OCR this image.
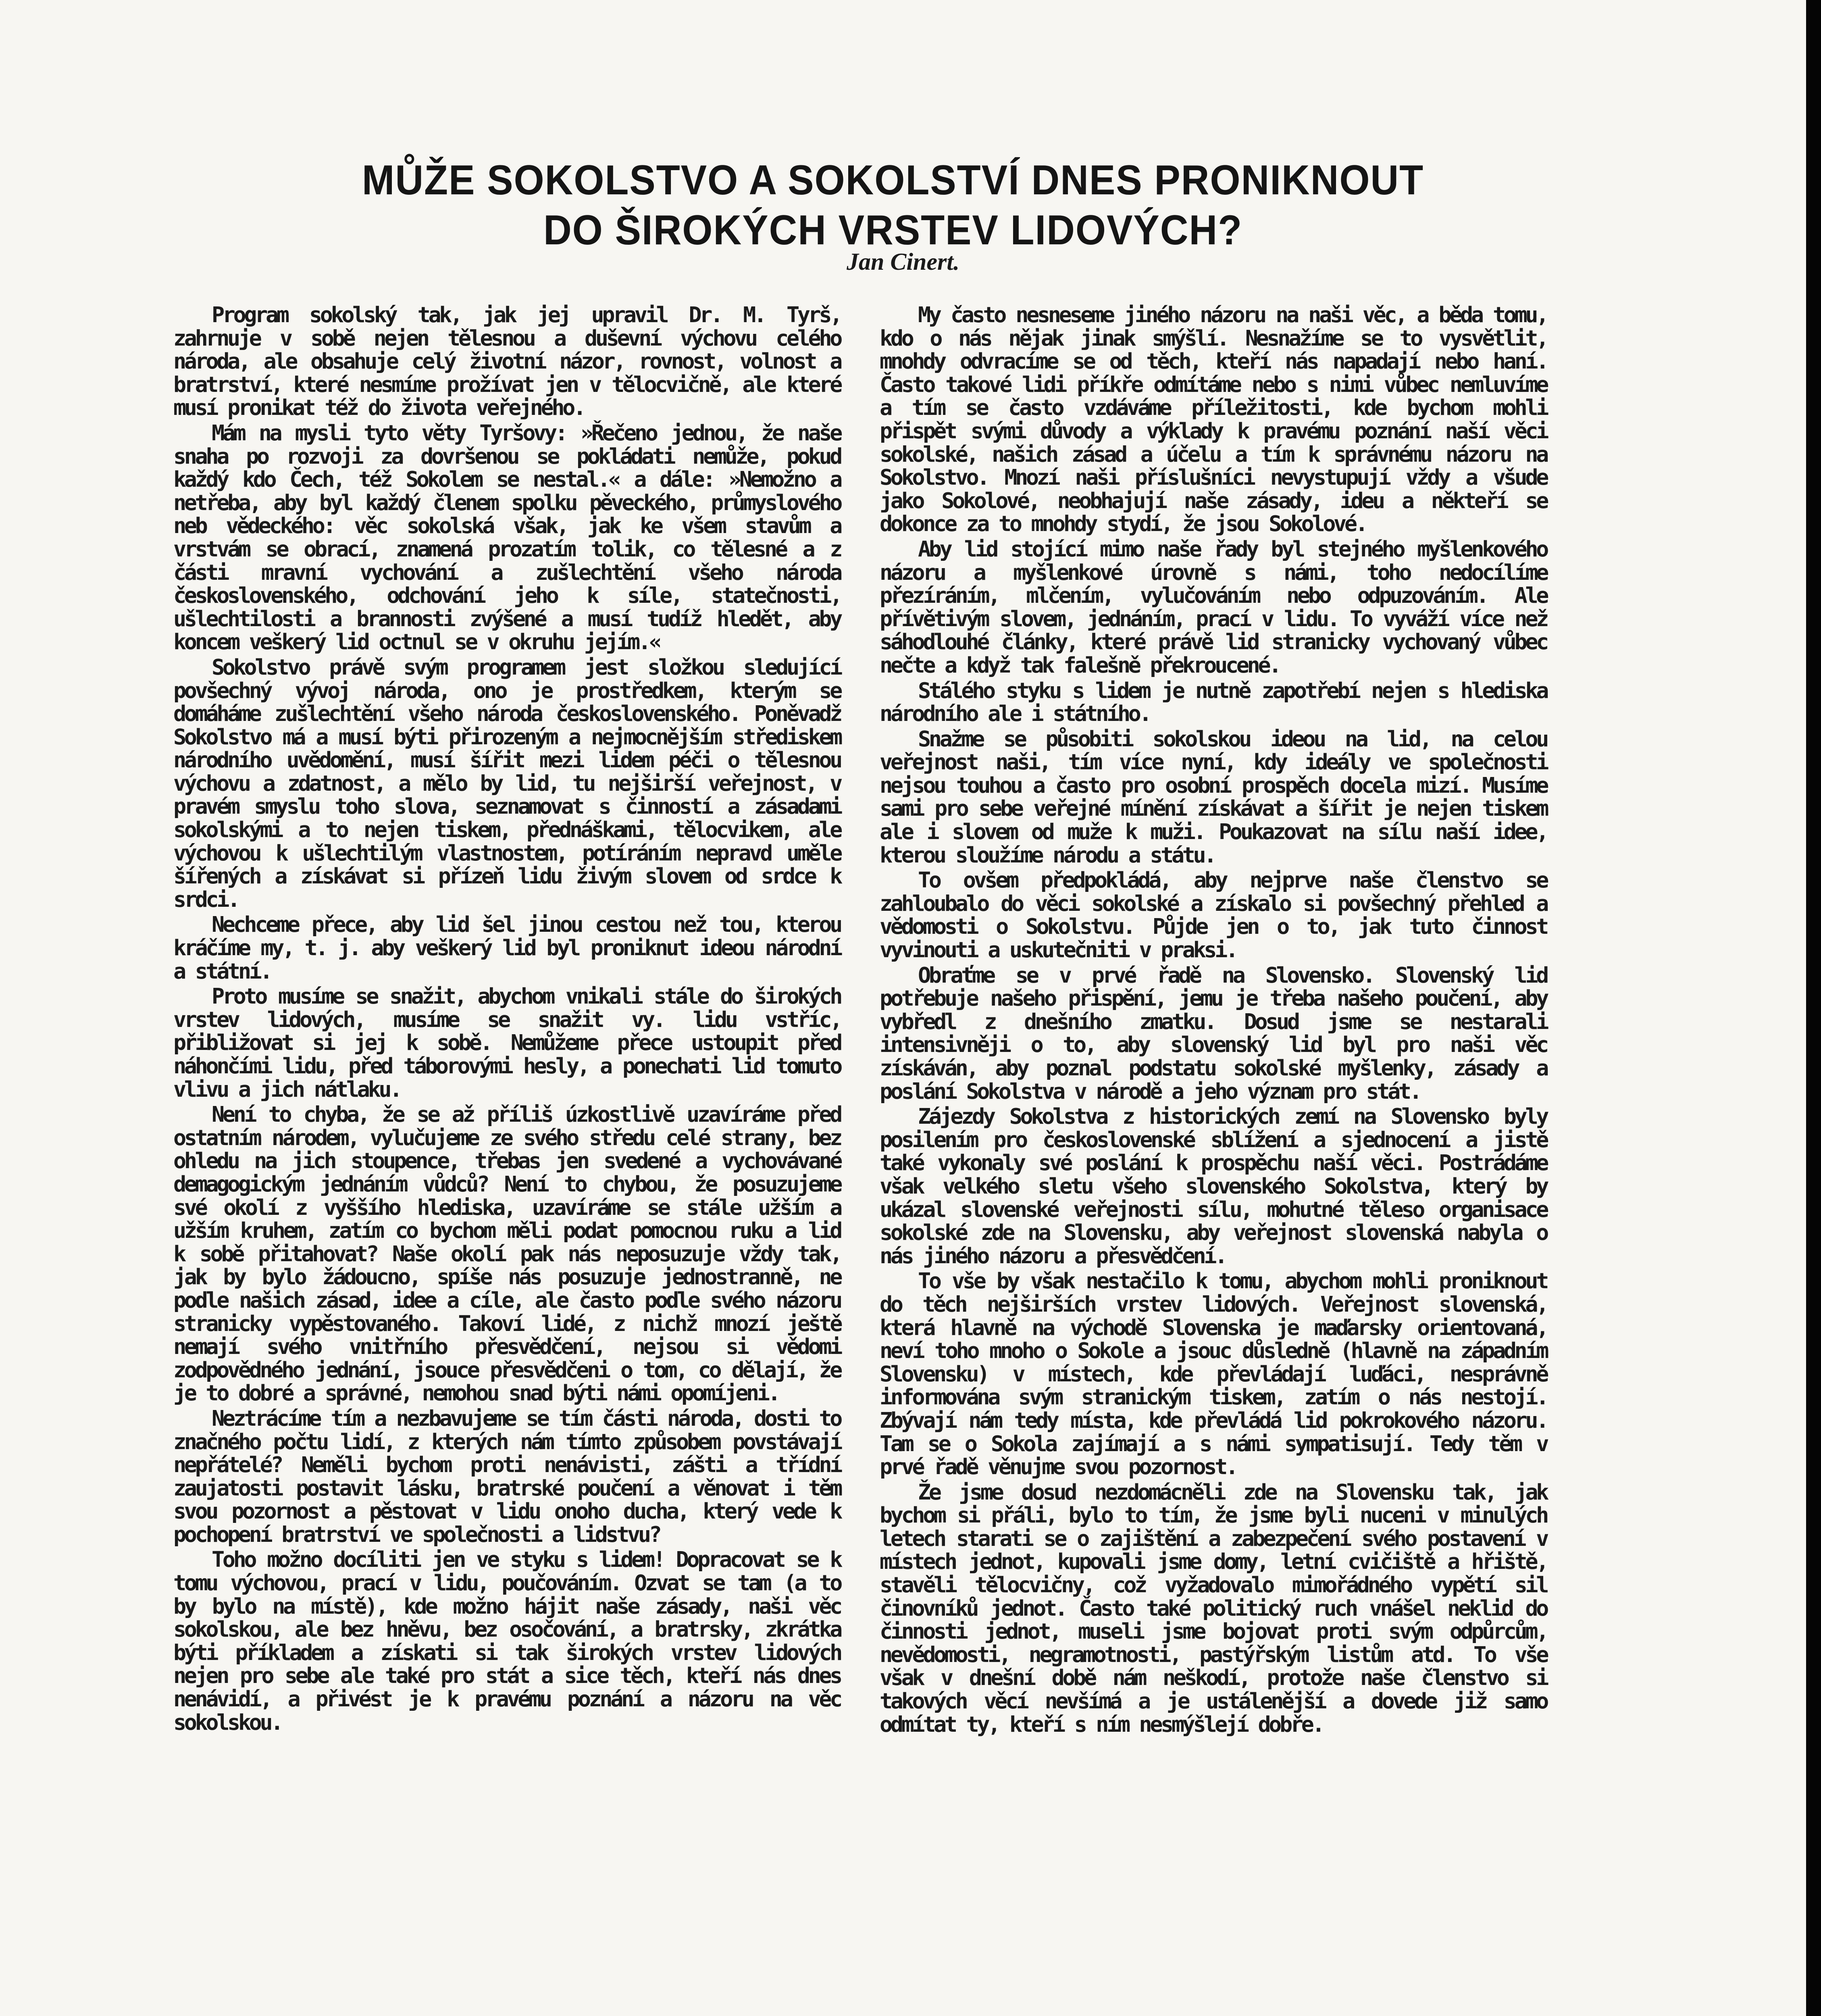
MŮŽE SOKOLSTVO A SOKOLSTVÍ DNES PRONIKNOUT
DO ŠIROKÝCH VRSTEV LIDOVÝCH?

Jan Cinert.

Program sokolský tak, jak jej upravil Dr. M. Tyrš, zahrnuje v sobě nejen tělesnou a duševní výchovu celého národa, ale obsahuje celý životní názor, rovnost, volnost a bratrství, které nesmíme prožívat jen v tělocvičně, ale které musí pronikat též do života veřejného.

Mám na mysli tyto věty Tyršovy: »Řečeno jednou, že naše snaha po rozvoji za dovršenou se pokládati nemůže, pokud každý kdo Čech, též Sokolem se nestal.« a dále: »Nemožno a netřeba, aby byl každý členem spolku pěveckého, průmyslového neb vědeckého: věc sokolská však, jak ke všem stavům a vrstvám se obrací, znamená prozatím tolik, co tělesné a z části mravní vychování a zušlechtění všeho národa československého, odchování jeho k síle, statečnosti, ušlechtilosti a brannosti zvýšené a musí tudíž hledět, aby koncem veškerý lid octnul se v okruhu jejím.«

Sokolstvo právě svým programem jest složkou sledující povšechný vývoj národa, ono je prostředkem, kterým se domáháme zušlechtění všeho národa československého. Poněvadž Sokolstvo má a musí býti přirozeným a nejmocnějším střediskem národního uvědomění, musí šířit mezi lidem péči o tělesnou výchovu a zdatnost, a mělo by lid, tu nejširší veřejnost, v pravém smyslu toho slova, seznamovat s činností a zásadami sokolskými a to nejen tiskem, přednáškami, tělocvikem, ale výchovou k ušlechtilým vlastnostem, potíráním nepravd uměle šířených a získávat si přízeň lidu živým slovem od srdce k srdci.

Nechceme přece, aby lid šel jinou cestou než tou, kterou kráčíme my, t. j. aby veškerý lid byl proniknut ideou národní a státní.

Proto musíme se snažit, abychom vnikali stále do širokých vrstev lidových, musíme se snažit vy. lidu vstříc, přibližovat si jej k sobě. Nemůžeme přece ustoupit před náhončími lidu, před táborovými hesly, a ponechati lid tomuto vlivu a jich nátlaku.

Není to chyba, že se až příliš úzkostlivě uzavíráme před ostatním národem, vylučujeme ze svého středu celé strany, bez ohledu na jich stoupence, třebas jen svedené a vychovávané demagogickým jednáním vůdců? Není to chybou, že posuzujeme své okolí z vyššího hlediska, uzavíráme se stále užším a užším kruhem, zatím co bychom měli podat pomocnou ruku a lid k sobě přitahovat? Naše okolí pak nás neposuzuje vždy tak, jak by bylo žádoucno, spíše nás posuzuje jednostranně, ne podle našich zásad, idee a cíle, ale často podle svého názoru stranicky vypěstovaného. Takoví lidé, z nichž mnozí ještě nemají svého vnitřního přesvědčení, nejsou si vědomi zodpovědného jednání, jsouce přesvědčeni o tom, co dělají, že je to dobré a správné, nemohou snad býti námi opomíjeni.

Neztrácíme tím a nezbavujeme se tím části národa, dosti to značného počtu lidí, z kterých nám tímto způsobem povstávají nepřátelé? Neměli bychom proti nenávisti, zášti a třídní zaujatosti postavit lásku, bratrské poučení a věnovat i těm svou pozornost a pěstovat v lidu onoho ducha, který vede k pochopení bratrství ve společnosti a lidstvu?

Toho možno docíliti jen ve styku s lidem! Dopracovat se k tomu výchovou, prací v lidu, poučováním. Ozvat se tam (a to by bylo na místě), kde možno hájit naše zásady, naši věc sokolskou, ale bez hněvu, bez osočování, a bratrsky, zkrátka býti příkladem a získati si tak širokých vrstev lidových nejen pro sebe ale také pro stát a sice těch, kteří nás dnes nenávidí, a přivést je k pravému poznání a názoru na věc sokolskou.

My často nesneseme jiného názoru na naši věc, a běda tomu, kdo o nás nějak jinak smýšlí. Nesnažíme se to vysvětlit, mnohdy odvracíme se od těch, kteří nás napadají nebo haní. Často takové lidi příkře odmítáme nebo s nimi vůbec nemluvíme a tím se často vzdáváme příležitosti, kde bychom mohli přispět svými důvody a výklady k pravému poznání naší věci sokolské, našich zásad a účelu a tím k správnému názoru na Sokolstvo. Mnozí naši příslušníci nevystupují vždy a všude jako Sokolové, neobhajují naše zásady, ideu a někteří se dokonce za to mnohdy stydí, že jsou Sokolové.

Aby lid stojící mimo naše řady byl stejného myšlenkového názoru a myšlenkové úrovně s námi, toho nedocílíme přezíráním, mlčením, vylučováním nebo odpuzováním. Ale přívětivým slovem, jednáním, prací v lidu. To vyváží více než sáhodlouhé články, které právě lid stranicky vychovaný vůbec nečte a když tak falešně překroucené.

Stálého styku s lidem je nutně zapotřebí nejen s hlediska národního ale i státního.

Snažme se působiti sokolskou ideou na lid, na celou veřejnost naši, tím více nyní, kdy ideály ve společnosti nejsou touhou a často pro osobní prospěch docela mizí. Musíme sami pro sebe veřejné mínění získávat a šířit je nejen tiskem ale i slovem od muže k muži. Poukazovat na sílu naší idee, kterou sloužíme národu a státu.

To ovšem předpokládá, aby nejprve naše členstvo se zahloubalo do věci sokolské a získalo si povšechný přehled a vědomosti o Sokolstvu. Půjde jen o to, jak tuto činnost vyvinouti a uskutečniti v praksi.

Obraťme se v prvé řadě na Slovensko. Slovenský lid potřebuje našeho přispění, jemu je třeba našeho poučení, aby vybředl z dnešního zmatku. Dosud jsme se nestarali intensivněji o to, aby slovenský lid byl pro naši věc získáván, aby poznal podstatu sokolské myšlenky, zásady a poslání Sokolstva v národě a jeho význam pro stát.

Zájezdy Sokolstva z historických zemí na Slovensko byly posilením pro československé sblížení a sjednocení a jistě také vykonaly své poslání k prospěchu naší věci. Postrádáme však velkého sletu všeho slovenského Sokolstva, který by ukázal slovenské veřejnosti sílu, mohutné těleso organisace sokolské zde na Slovensku, aby veřejnost slovenská nabyla o nás jiného názoru a přesvědčení.

To vše by však nestačilo k tomu, abychom mohli proniknout do těch nejširších vrstev lidových. Veřejnost slovenská, která hlavně na východě Slovenska je maďarsky orientovaná, neví toho mnoho o Sokole a jsouc důsledně (hlavně na západním Slovensku) v místech, kde převládají luďáci, nesprávně informována svým stranickým tiskem, zatím o nás nestojí. Zbývají nám tedy místa, kde převládá lid pokrokového názoru. Tam se o Sokola zajímají a s námi sympatisují. Tedy těm v prvé řadě věnujme svou pozornost.

Že jsme dosud nezdomácněli zde na Slovensku tak, jak bychom si přáli, bylo to tím, že jsme byli nuceni v minulých letech starati se o zajištění a zabezpečení svého postavení v místech jednot, kupovali jsme domy, letní cvičiště a hřiště, stavěli tělocvičny, což vyžadovalo mimořádného vypětí sil činovníků jednot. Často také politický ruch vnášel neklid do činnosti jednot, museli jsme bojovat proti svým odpůrcům, nevědomosti, negramotnosti, pastýřským listům atd. To vše však v dnešní době nám neškodí, protože naše členstvo si takových věcí nevšímá a je ustálenější a dovede již samo odmítat ty, kteří s ním nesmýšlejí dobře.
